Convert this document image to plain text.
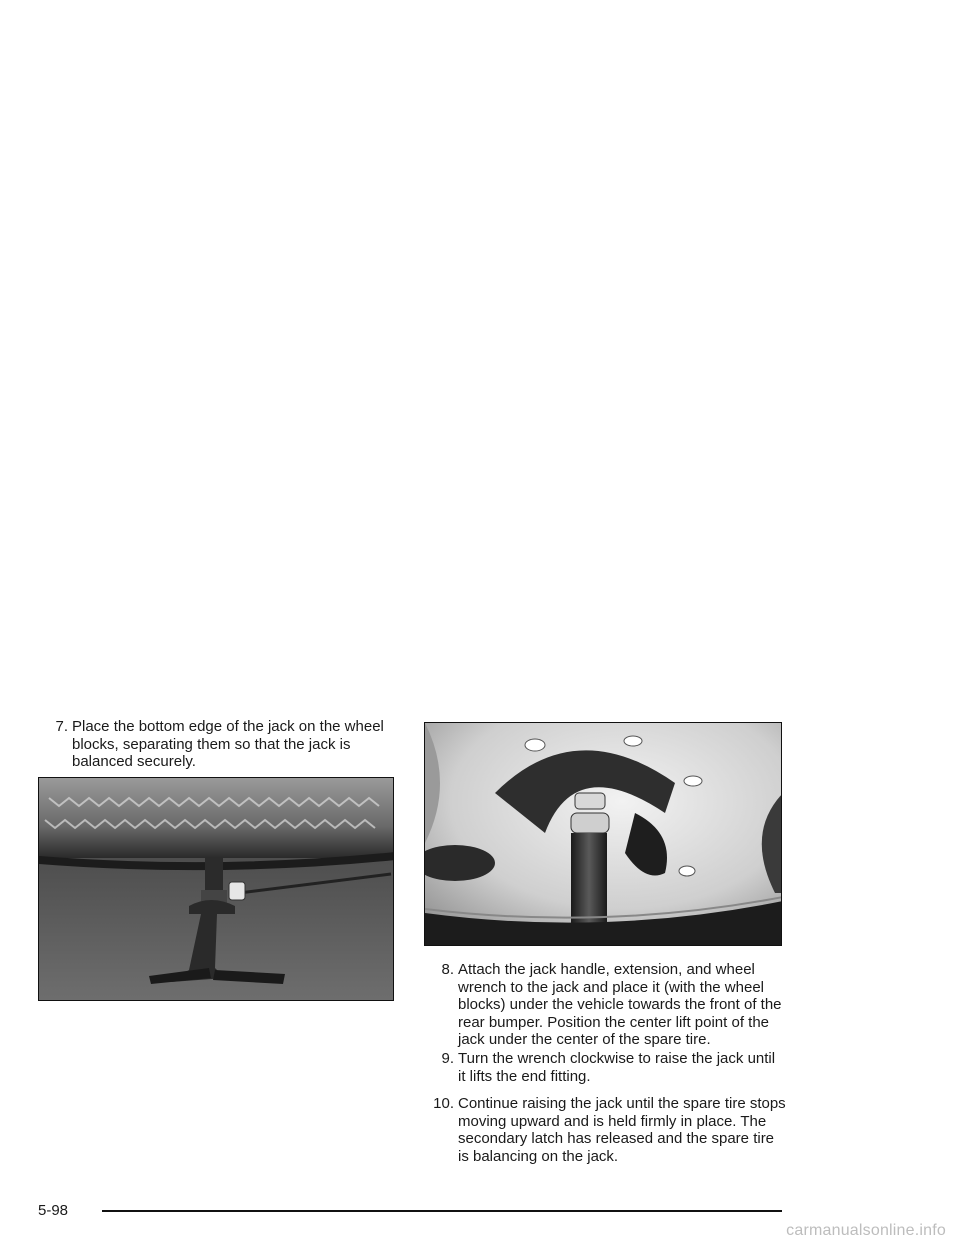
7. Place the bottom edge of the jack on the wheel blocks, separating them so that the jack is balanced securely.
8. Attach the jack handle, extension, and wheel wrench to the jack and place it (with the wheel blocks) under the vehicle towards the front of the rear bumper. Position the center lift point of the jack under the center of the spare tire.
9. Turn the wrench clockwise to raise the jack until it lifts the end fitting.
10. Continue raising the jack until the spare tire stops moving upward and is held firmly in place. The secondary latch has released and the spare tire is balancing on the jack.
5-98
carmanualsonline.info
